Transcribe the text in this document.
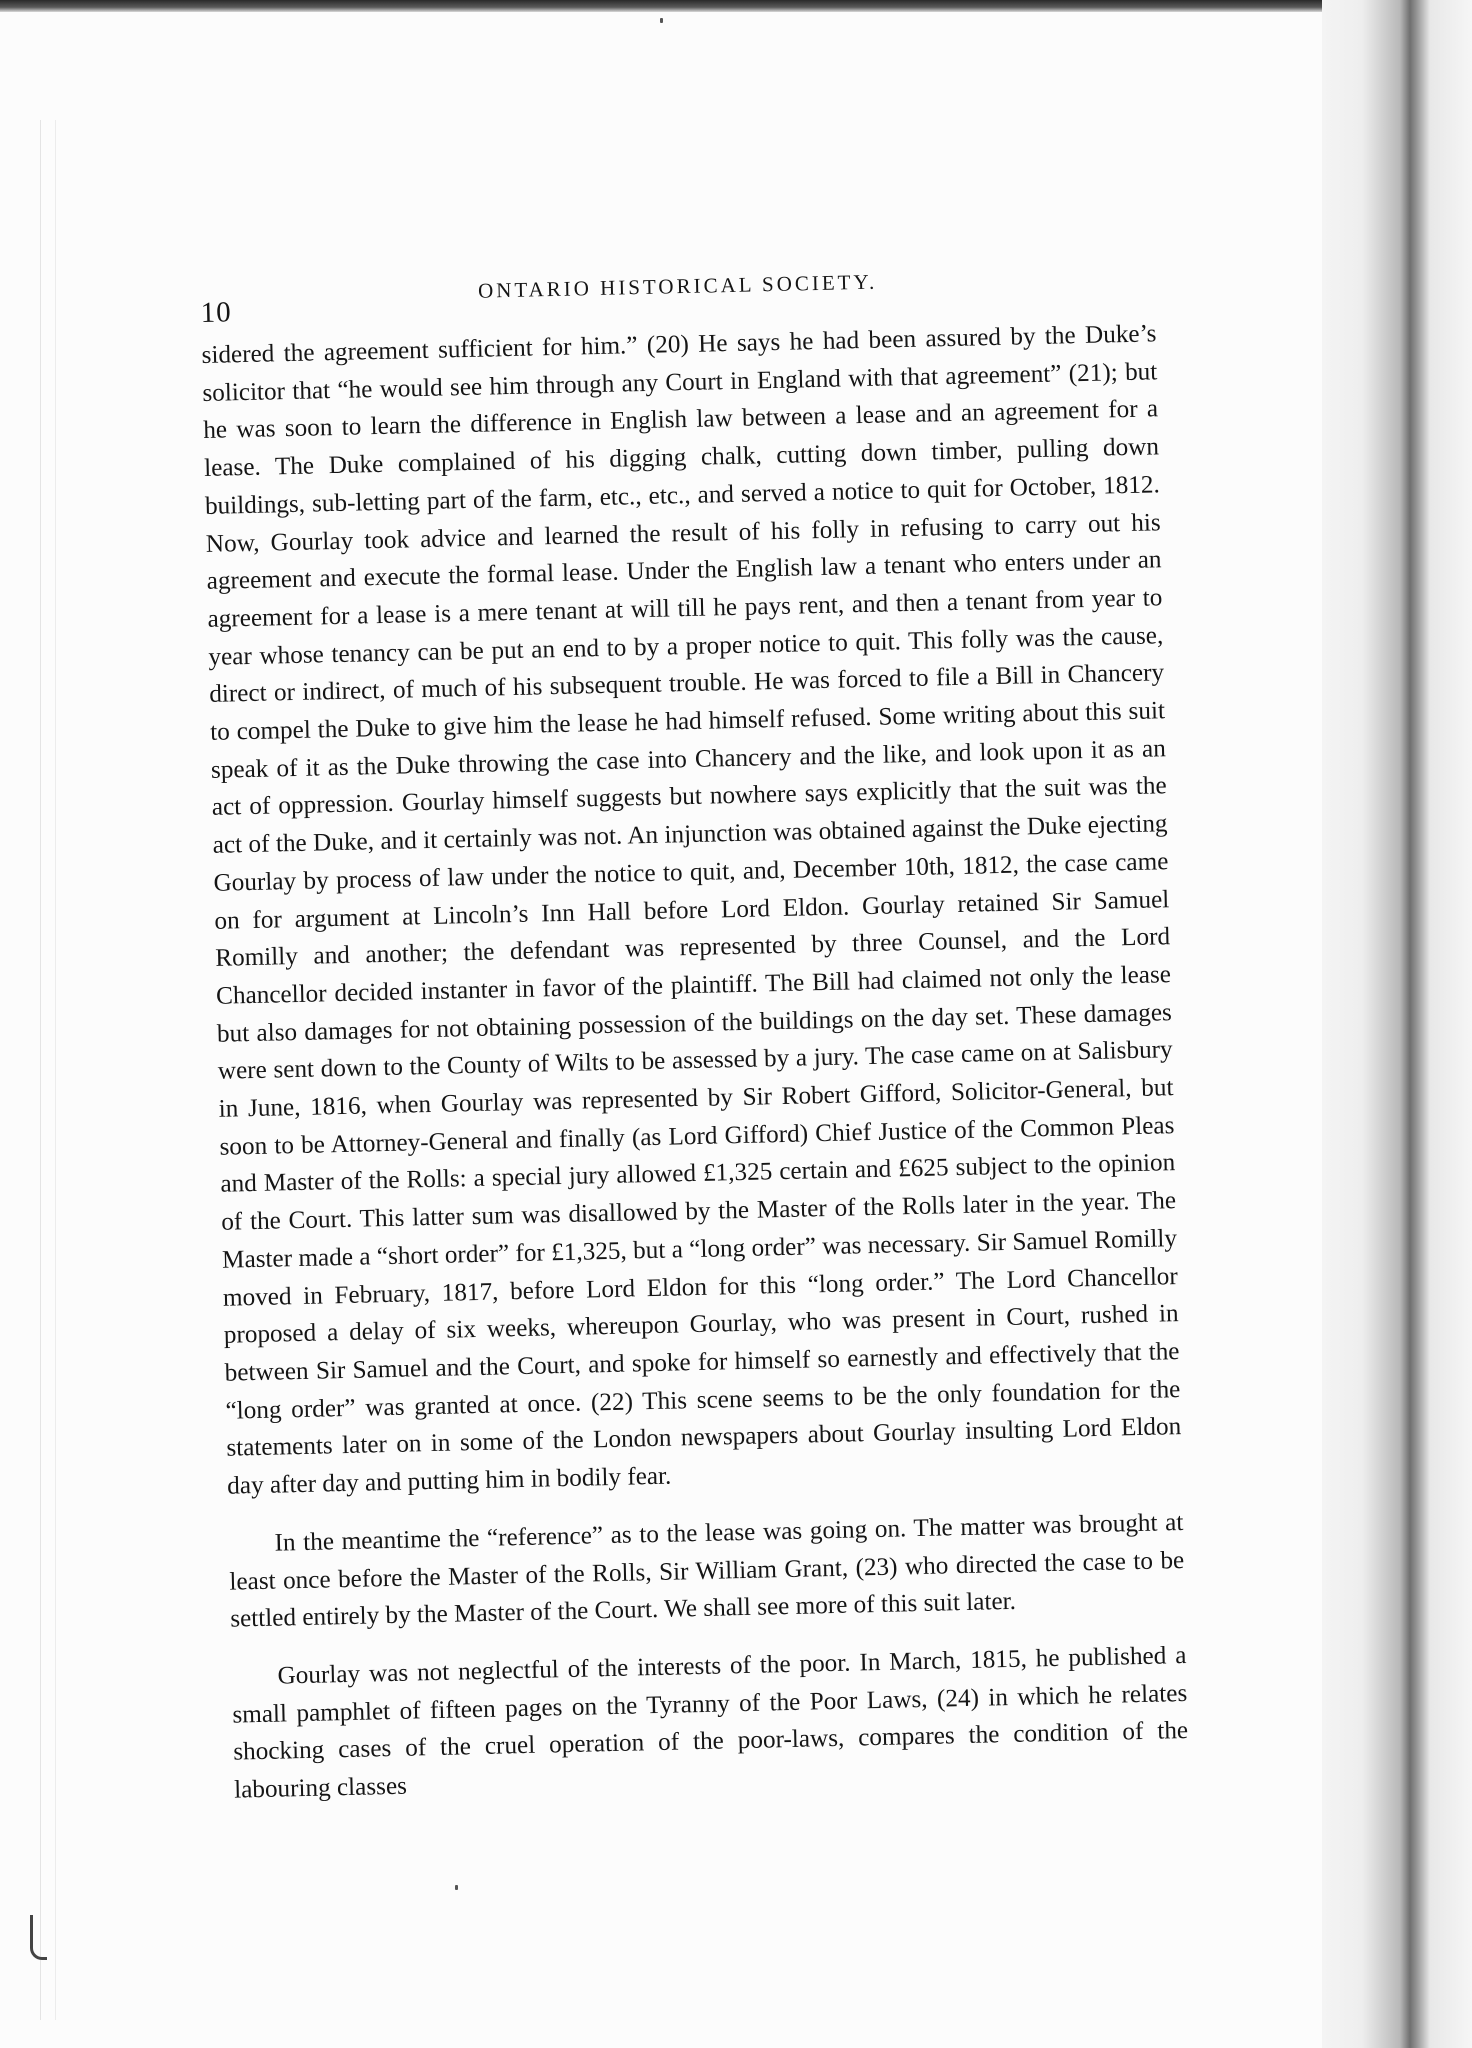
10
ONTARIO HISTORICAL SOCIETY.

sidered the agreement sufficient for him.” (20) He says he had been assured by the Duke’s solicitor that “he would see him through any Court in England with that agreement” (21); but he was soon to learn the difference in English law between a lease and an agreement for a lease. The Duke complained of his digging chalk, cutting down timber, pulling down buildings, sub-letting part of the farm, etc., etc., and served a notice to quit for October, 1812. Now, Gourlay took advice and learned the result of his folly in refusing to carry out his agreement and execute the formal lease. Under the English law a tenant who enters under an agreement for a lease is a mere tenant at will till he pays rent, and then a tenant from year to year whose tenancy can be put an end to by a proper notice to quit. This folly was the cause, direct or indirect, of much of his subsequent trouble. He was forced to file a Bill in Chancery to compel the Duke to give him the lease he had himself refused. Some writing about this suit speak of it as the Duke throwing the case into Chancery and the like, and look upon it as an act of oppression. Gourlay himself suggests but nowhere says explicitly that the suit was the act of the Duke, and it certainly was not. An injunction was obtained against the Duke ejecting Gourlay by process of law under the notice to quit, and, December 10th, 1812, the case came on for argument at Lincoln’s Inn Hall before Lord Eldon. Gourlay retained Sir Samuel Romilly and another; the defendant was represented by three Counsel, and the Lord Chancellor decided instanter in favor of the plaintiff. The Bill had claimed not only the lease but also damages for not obtaining possession of the buildings on the day set. These damages were sent down to the County of Wilts to be assessed by a jury. The case came on at Salisbury in June, 1816, when Gourlay was represented by Sir Robert Gifford, Solicitor-General, but soon to be Attorney-General and finally (as Lord Gifford) Chief Justice of the Common Pleas and Master of the Rolls: a special jury allowed £1,325 certain and £625 subject to the opinion of the Court. This latter sum was disallowed by the Master of the Rolls later in the year. The Master made a “short order” for £1,325, but a “long order” was necessary. Sir Samuel Romilly moved in February, 1817, before Lord Eldon for this “long order.” The Lord Chancellor proposed a delay of six weeks, whereupon Gourlay, who was present in Court, rushed in between Sir Samuel and the Court, and spoke for himself so earnestly and effectively that the “long order” was granted at once. (22) This scene seems to be the only foundation for the statements later on in some of the London newspapers about Gourlay insulting Lord Eldon day after day and putting him in bodily fear.

In the meantime the “reference” as to the lease was going on. The matter was brought at least once before the Master of the Rolls, Sir William Grant, (23) who directed the case to be settled entirely by the Master of the Court. We shall see more of this suit later.

Gourlay was not neglectful of the interests of the poor. In March, 1815, he published a small pamphlet of fifteen pages on the Tyranny of the Poor Laws, (24) in which he relates shocking cases of the cruel operation of the poor-laws, compares the condition of the labouring classes
